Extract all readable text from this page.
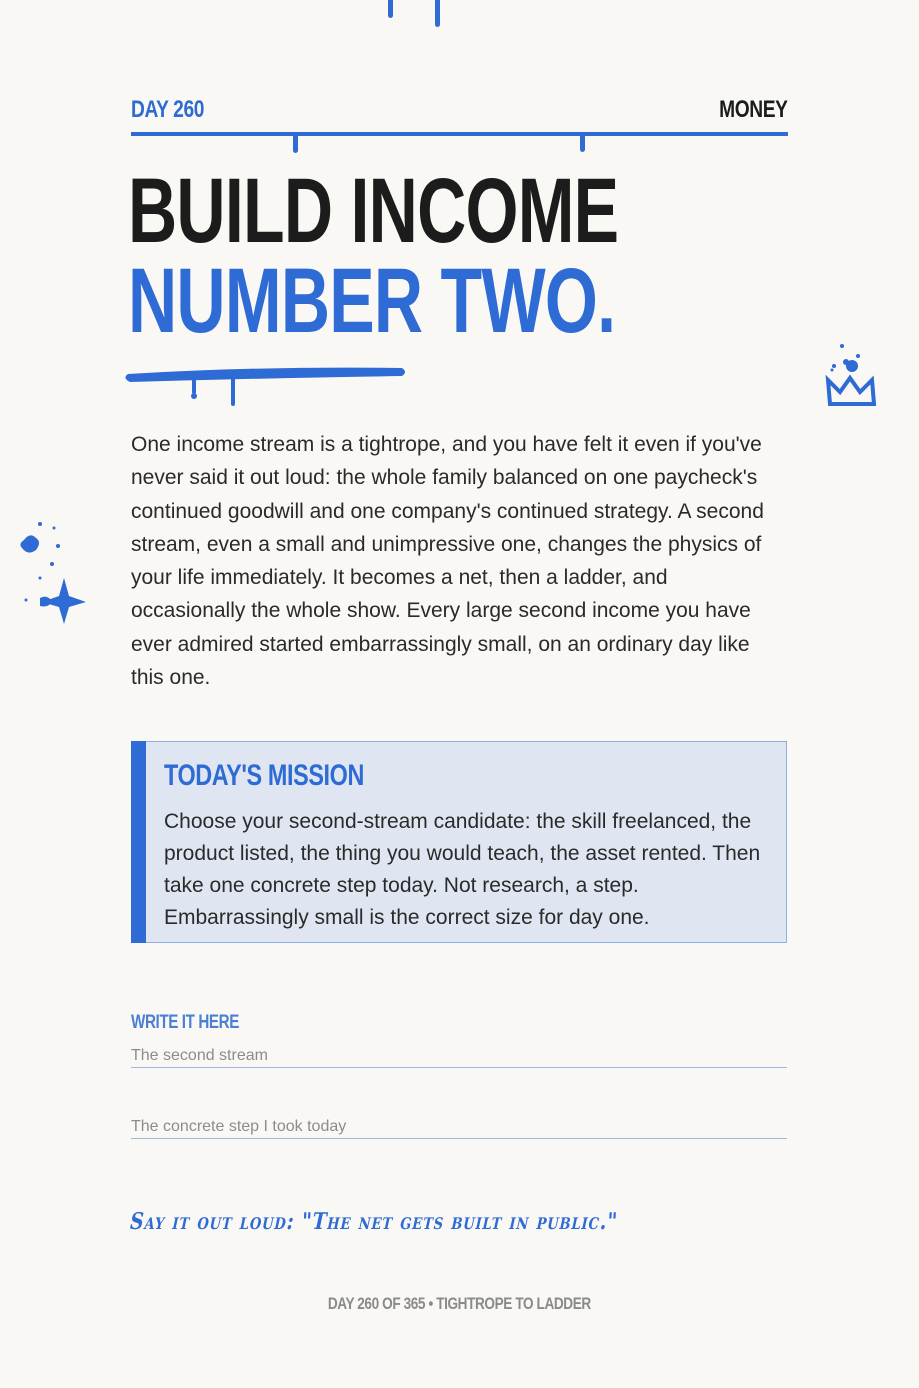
DAY 260	MONEY
BUILD INCOME
NUMBER TWO.
One income stream is a tightrope, and you have felt it even if you've never said it out loud: the whole family balanced on one paycheck's continued goodwill and one company's continued strategy. A second stream, even a small and unimpressive one, changes the physics of your life immediately. It becomes a net, then a ladder, and occasionally the whole show. Every large second income you have ever admired started embarrassingly small, on an ordinary day like this one.
TODAY'S MISSION
Choose your second-stream candidate: the skill freelanced, the product listed, the thing you would teach, the asset rented. Then take one concrete step today. Not research, a step. Embarrassingly small is the correct size for day one.
WRITE IT HERE
The second stream
The concrete step I took today
Say it out loud: "The net gets built in public."
DAY 260 OF 365 • TIGHTROPE TO LADDER
